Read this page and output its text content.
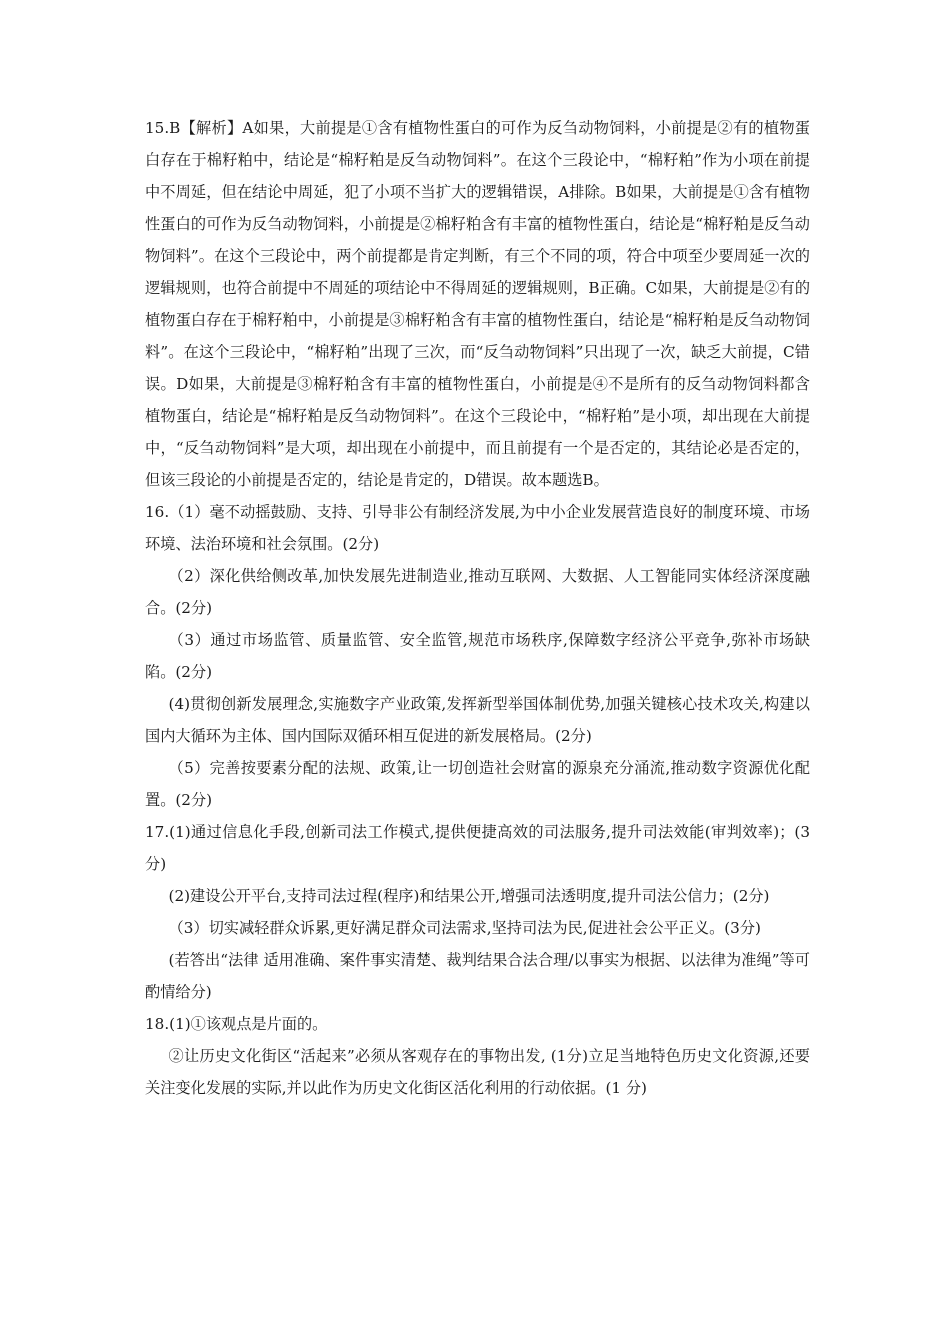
15.B【解析】A如果，大前提是①含有植物性蛋白的可作为反刍动物饲料，小前提是②有的植物蛋白存在于棉籽粕中，结论是“棉籽粕是反刍动物饲料”。在这个三段论中，“棉籽粕”作为小项在前提中不周延，但在结论中周延，犯了小项不当扩大的逻辑错误，A排除。B如果，大前提是①含有植物性蛋白的可作为反刍动物饲料，小前提是②棉籽粕含有丰富的植物性蛋白，结论是“棉籽粕是反刍动物饲料”。在这个三段论中，两个前提都是肯定判断，有三个不同的项，符合中项至少要周延一次的逻辑规则，也符合前提中不周延的项结论中不得周延的逻辑规则，B正确。C如果，大前提是②有的植物蛋白存在于棉籽粕中，小前提是③棉籽粕含有丰富的植物性蛋白，结论是“棉籽粕是反刍动物饲料”。在这个三段论中，“棉籽粕”出现了三次，而“反刍动物饲料”只出现了一次，缺乏大前提，C错误。D如果，大前提是③棉籽粕含有丰富的植物性蛋白，小前提是④不是所有的反刍动物饲料都含植物蛋白，结论是“棉籽粕是反刍动物饲料”。在这个三段论中，“棉籽粕”是小项，却出现在大前提中，“反刍动物饲料”是大项，却出现在小前提中，而且前提有一个是否定的，其结论必是否定的，但该三段论的小前提是否定的，结论是肯定的，D错误。故本题选B。

16.（1）毫不动摇鼓励、支持、引导非公有制经济发展,为中小企业发展营造良好的制度环境、市场环境、法治环境和社会氛围。(2分)

（2）深化供给侧改革,加快发展先进制造业,推动互联网、大数据、人工智能同实体经济深度融合。(2分)

（3）通过市场监管、质量监管、安全监管,规范市场秩序,保障数字经济公平竞争,弥补市场缺陷。(2分)

(4)贯彻创新发展理念,实施数字产业政策,发挥新型举国体制优势,加强关键核心技术攻关,构建以国内大循环为主体、国内国际双循环相互促进的新发展格局。(2分)

（5）完善按要素分配的法规、政策,让一切创造社会财富的源泉充分涌流,推动数字资源优化配置。(2分)

17.(1)通过信息化手段,创新司法工作模式,提供便捷高效的司法服务,提升司法效能(审判效率)；(3分)

(2)建设公开平台,支持司法过程(程序)和结果公开,增强司法透明度,提升司法公信力；(2分)

（3）切实减轻群众诉累,更好满足群众司法需求,坚持司法为民,促进社会公平正义。(3分)

(若答出“法律 适用准确、案件事实清楚、裁判结果合法合理/以事实为根据、以法律为准绳”等可酌情给分)

18.(1)①该观点是片面的。

②让历史文化街区“活起来”必须从客观存在的事物出发, (1分)立足当地特色历史文化资源,还要关注变化发展的实际,并以此作为历史文化街区活化利用的行动依据。(1 分)
